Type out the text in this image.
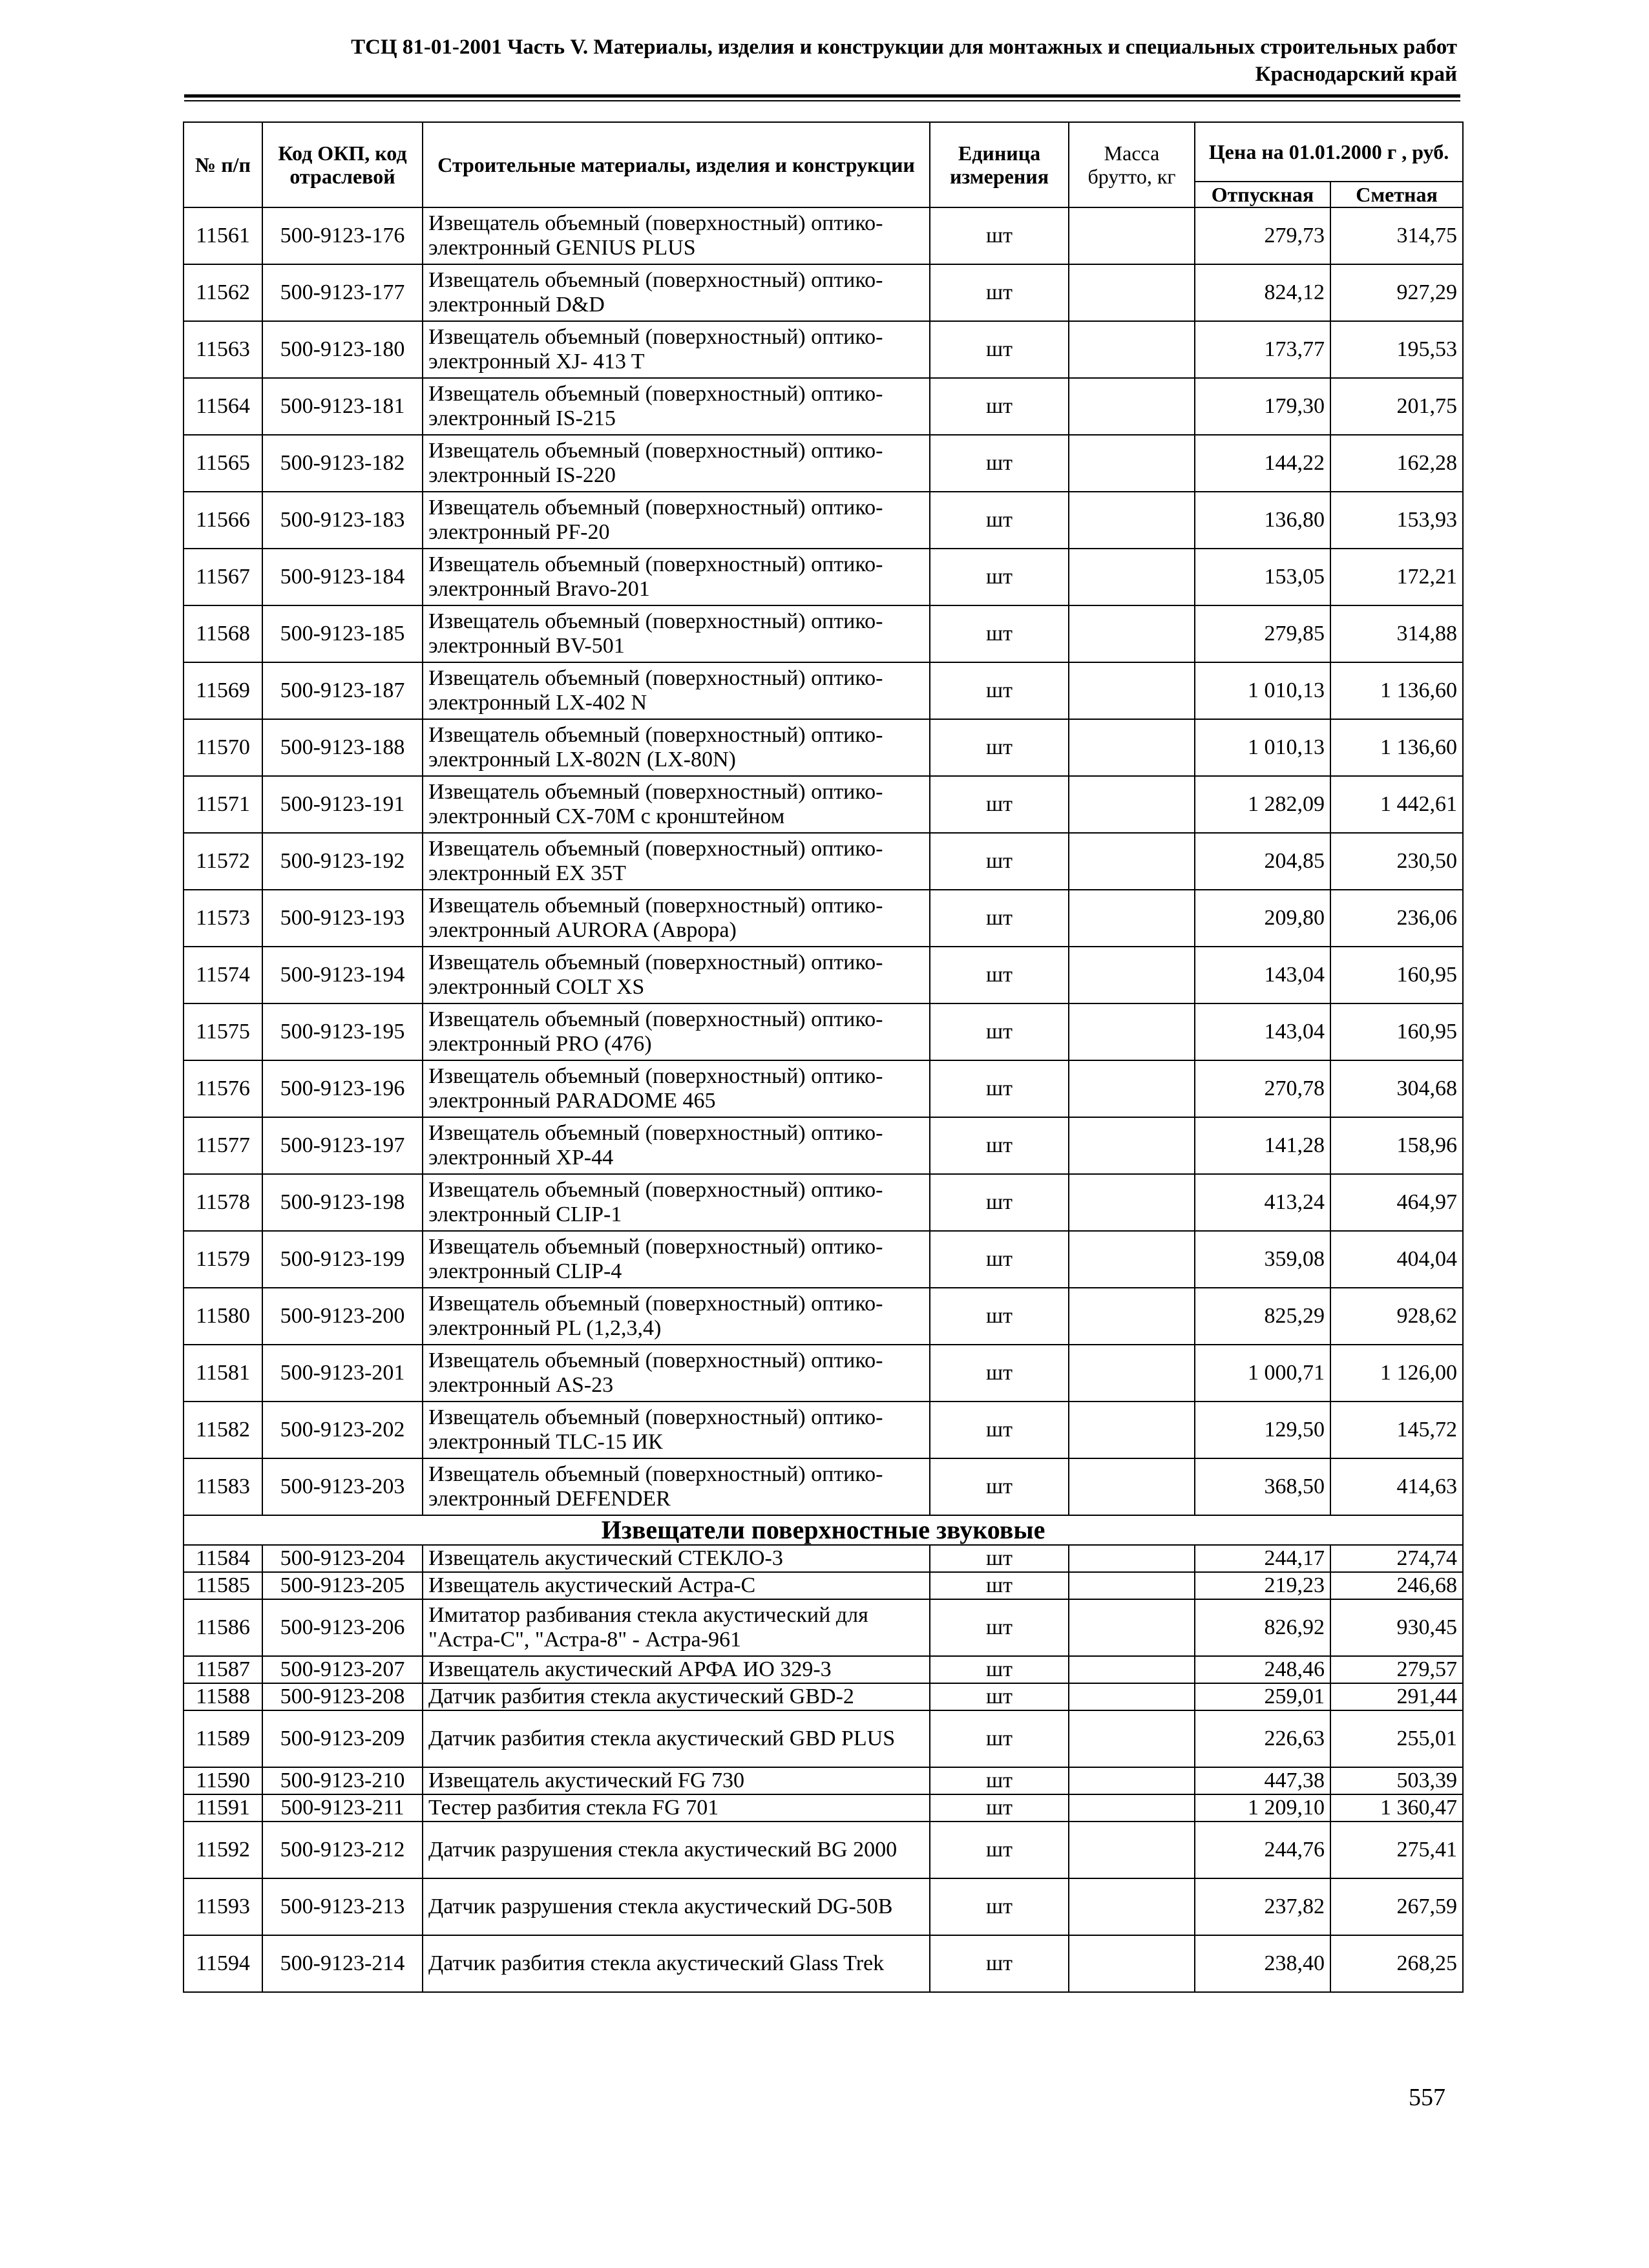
ТСЦ 81-01-2001 Часть V. Материалы, изделия и конструкции для монтажных и специальных строительных работ
Краснодарский край
№ п/п	Код ОКП, код отраслевой	Строительные материалы, изделия и конструкции	Единица измерения	Масса брутто, кг	Цена на 01.01.2000 г , руб.	
					Отпускная	Сметная
11561	500-9123-176	Извещатель объемный (поверхностный) оптико-электронный GENIUS PLUS	шт		279,73	314,75
11562	500-9123-177	Извещатель объемный (поверхностный) оптико-электронный D&D	шт		824,12	927,29
11563	500-9123-180	Извещатель объемный (поверхностный) оптико-электронный XJ- 413 T	шт		173,77	195,53
11564	500-9123-181	Извещатель объемный (поверхностный) оптико-электронный IS-215	шт		179,30	201,75
11565	500-9123-182	Извещатель объемный (поверхностный) оптико-электронный IS-220	шт		144,22	162,28
11566	500-9123-183	Извещатель объемный (поверхностный) оптико-электронный PF-20	шт		136,80	153,93
11567	500-9123-184	Извещатель объемный (поверхностный) оптико-электронный Bravo-201	шт		153,05	172,21
11568	500-9123-185	Извещатель объемный (поверхностный) оптико-электронный BV-501	шт		279,85	314,88
11569	500-9123-187	Извещатель объемный (поверхностный) оптико-электронный LX-402 N	шт		1 010,13	1 136,60
11570	500-9123-188	Извещатель объемный (поверхностный) оптико-электронный LX-802N (LX-80N)	шт		1 010,13	1 136,60
11571	500-9123-191	Извещатель объемный (поверхностный) оптико-электронный CX-70M с кронштейном	шт		1 282,09	1 442,61
11572	500-9123-192	Извещатель объемный (поверхностный) оптико-электронный EX 35T	шт		204,85	230,50
11573	500-9123-193	Извещатель объемный (поверхностный) оптико-электронный AURORA (Аврора)	шт		209,80	236,06
11574	500-9123-194	Извещатель объемный (поверхностный) оптико-электронный COLT XS	шт		143,04	160,95
11575	500-9123-195	Извещатель объемный (поверхностный) оптико-электронный PRO (476)	шт		143,04	160,95
11576	500-9123-196	Извещатель объемный (поверхностный) оптико-электронный PARADOME 465	шт		270,78	304,68
11577	500-9123-197	Извещатель объемный (поверхностный) оптико-электронный XP-44	шт		141,28	158,96
11578	500-9123-198	Извещатель объемный (поверхностный) оптико-электронный CLIP-1	шт		413,24	464,97
11579	500-9123-199	Извещатель объемный (поверхностный) оптико-электронный CLIP-4	шт		359,08	404,04
11580	500-9123-200	Извещатель объемный (поверхностный) оптико-электронный PL (1,2,3,4)	шт		825,29	928,62
11581	500-9123-201	Извещатель объемный (поверхностный) оптико-электронный AS-23	шт		1 000,71	1 126,00
11582	500-9123-202	Извещатель объемный (поверхностный) оптико-электронный TLC-15 ИК	шт		129,50	145,72
11583	500-9123-203	Извещатель объемный (поверхностный) оптико-электронный DEFENDER	шт		368,50	414,63
Извещатели поверхностные звуковые						
11584	500-9123-204	Извещатель акустический СТЕКЛО-3	шт		244,17	274,74
11585	500-9123-205	Извещатель акустический Астра-С	шт		219,23	246,68
11586	500-9123-206	Имитатор разбивания стекла акустический для "Астра-С", "Астра-8" - Астра-961	шт		826,92	930,45
11587	500-9123-207	Извещатель акустический АРФА ИО 329-3	шт		248,46	279,57
11588	500-9123-208	Датчик разбития стекла акустический GBD-2	шт		259,01	291,44
11589	500-9123-209	Датчик разбития стекла акустический GBD PLUS	шт		226,63	255,01
11590	500-9123-210	Извещатель акустический FG 730	шт		447,38	503,39
11591	500-9123-211	Тестер разбития стекла FG 701	шт		1 209,10	1 360,47
11592	500-9123-212	Датчик разрушения стекла акустический BG 2000	шт		244,76	275,41
11593	500-9123-213	Датчик разрушения стекла акустический DG-50B	шт		237,82	267,59
11594	500-9123-214	Датчик разбития стекла акустический Glass Trek	шт		238,40	268,25
557
